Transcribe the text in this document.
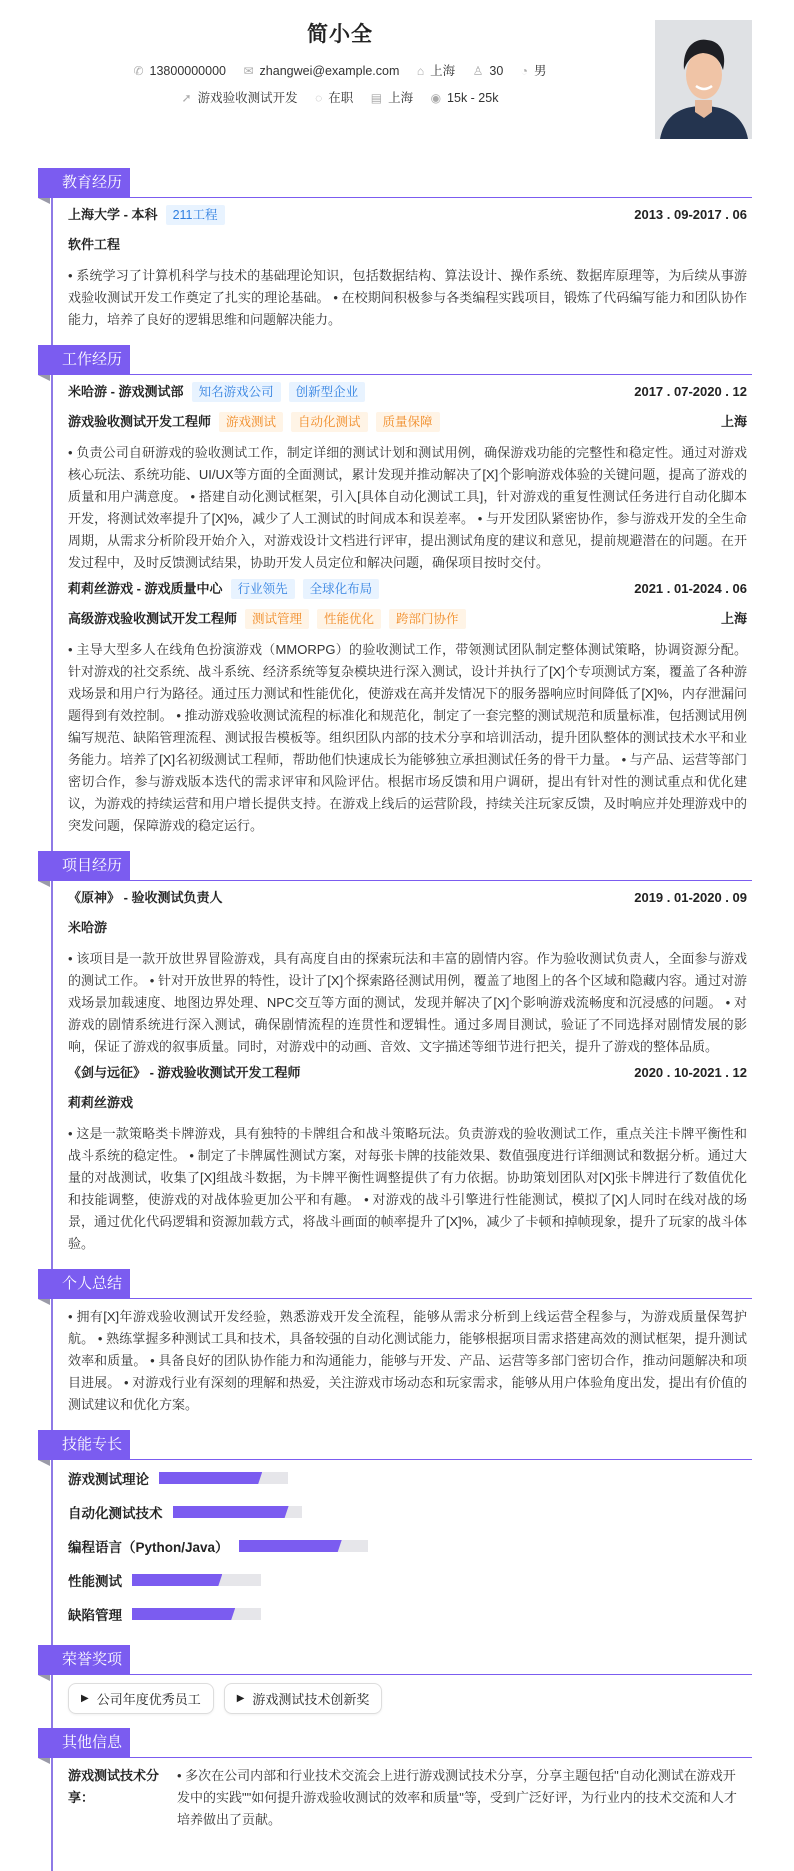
简小全
✆ 13800000000 ✉ zhangwei@example.com ⌂ 上海 ♙ 30 ◔ 男
➚ 游戏验收测试开发 ◌ 在职 ▤ 上海 ◉ 15k - 25k
教育经历
上海大学 - 本科	211工程	2013 . 09-2017 . 06
软件工程
• 系统学习了计算机科学与技术的基础理论知识，包括数据结构、算法设计、操作系统、数据库原理等，为后续从事游戏验收测试开发工作奠定了扎实的理论基础。 • 在校期间积极参与各类编程实践项目，锻炼了代码编写能力和团队协作能力，培养了良好的逻辑思维和问题解决能力。
工作经历
米哈游 - 游戏测试部	知名游戏公司	创新型企业	2017 . 07-2020 . 12
游戏验收测试开发工程师	游戏测试	自动化测试	质量保障	上海
• 负责公司自研游戏的验收测试工作，制定详细的测试计划和测试用例，确保游戏功能的完整性和稳定性。通过对游戏核心玩法、系统功能、UI/UX等方面的全面测试，累计发现并推动解决了[X]个影响游戏体验的关键问题，提高了游戏的质量和用户满意度。 • 搭建自动化测试框架，引入[具体自动化测试工具]，针对游戏的重复性测试任务进行自动化脚本开发，将测试效率提升了[X]%，减少了人工测试的时间成本和误差率。 • 与开发团队紧密协作，参与游戏开发的全生命周期，从需求分析阶段开始介入，对游戏设计文档进行评审，提出测试角度的建议和意见，提前规避潜在的问题。在开发过程中，及时反馈测试结果，协助开发人员定位和解决问题，确保项目按时交付。
莉莉丝游戏 - 游戏质量中心	行业领先	全球化布局	2021 . 01-2024 . 06
高级游戏验收测试开发工程师	测试管理	性能优化	跨部门协作	上海
• 主导大型多人在线角色扮演游戏（MMORPG）的验收测试工作，带领测试团队制定整体测试策略，协调资源分配。针对游戏的社交系统、战斗系统、经济系统等复杂模块进行深入测试，设计并执行了[X]个专项测试方案，覆盖了各种游戏场景和用户行为路径。通过压力测试和性能优化，使游戏在高并发情况下的服务器响应时间降低了[X]%，内存泄漏问题得到有效控制。 • 推动游戏验收测试流程的标准化和规范化，制定了一套完整的测试规范和质量标准，包括测试用例编写规范、缺陷管理流程、测试报告模板等。组织团队内部的技术分享和培训活动，提升团队整体的测试技术水平和业务能力。培养了[X]名初级测试工程师，帮助他们快速成长为能够独立承担测试任务的骨干力量。 • 与产品、运营等部门密切合作，参与游戏版本迭代的需求评审和风险评估。根据市场反馈和用户调研，提出有针对性的测试重点和优化建议，为游戏的持续运营和用户增长提供支持。在游戏上线后的运营阶段，持续关注玩家反馈，及时响应并处理游戏中的突发问题，保障游戏的稳定运行。
项目经历
《原神》 - 验收测试负责人	2019 . 01-2020 . 09
米哈游
• 该项目是一款开放世界冒险游戏，具有高度自由的探索玩法和丰富的剧情内容。作为验收测试负责人，全面参与游戏的测试工作。 • 针对开放世界的特性，设计了[X]个探索路径测试用例，覆盖了地图上的各个区域和隐藏内容。通过对游戏场景加载速度、地图边界处理、NPC交互等方面的测试，发现并解决了[X]个影响游戏流畅度和沉浸感的问题。 • 对游戏的剧情系统进行深入测试，确保剧情流程的连贯性和逻辑性。通过多周目测试，验证了不同选择对剧情发展的影响，保证了游戏的叙事质量。同时，对游戏中的动画、音效、文字描述等细节进行把关，提升了游戏的整体品质。
《剑与远征》 - 游戏验收测试开发工程师	2020 . 10-2021 . 12
莉莉丝游戏
• 这是一款策略类卡牌游戏，具有独特的卡牌组合和战斗策略玩法。负责游戏的验收测试工作，重点关注卡牌平衡性和战斗系统的稳定性。 • 制定了卡牌属性测试方案，对每张卡牌的技能效果、数值强度进行详细测试和数据分析。通过大量的对战测试，收集了[X]组战斗数据，为卡牌平衡性调整提供了有力依据。协助策划团队对[X]张卡牌进行了数值优化和技能调整，使游戏的对战体验更加公平和有趣。 • 对游戏的战斗引擎进行性能测试，模拟了[X]人同时在线对战的场景，通过优化代码逻辑和资源加载方式，将战斗画面的帧率提升了[X]%，减少了卡顿和掉帧现象，提升了玩家的战斗体验。
个人总结
• 拥有[X]年游戏验收测试开发经验，熟悉游戏开发全流程，能够从需求分析到上线运营全程参与，为游戏质量保驾护航。 • 熟练掌握多种测试工具和技术，具备较强的自动化测试能力，能够根据项目需求搭建高效的测试框架，提升测试效率和质量。 • 具备良好的团队协作能力和沟通能力，能够与开发、产品、运营等多部门密切合作，推动问题解决和项目进展。 • 对游戏行业有深刻的理解和热爱，关注游戏市场动态和玩家需求，能够从用户体验角度出发，提出有价值的测试建议和优化方案。
技能专长
游戏测试理论
自动化测试技术
编程语言（Python/Java）
性能测试
缺陷管理
荣誉奖项
▶ 公司年度优秀员工	▶ 游戏测试技术创新奖
其他信息
游戏测试技术分享：
• 多次在公司内部和行业技术交流会上进行游戏测试技术分享，分享主题包括"自动化测试在游戏开发中的实践""如何提升游戏验收测试的效率和质量"等，受到广泛好评，为行业内的技术交流和人才培养做出了贡献。
